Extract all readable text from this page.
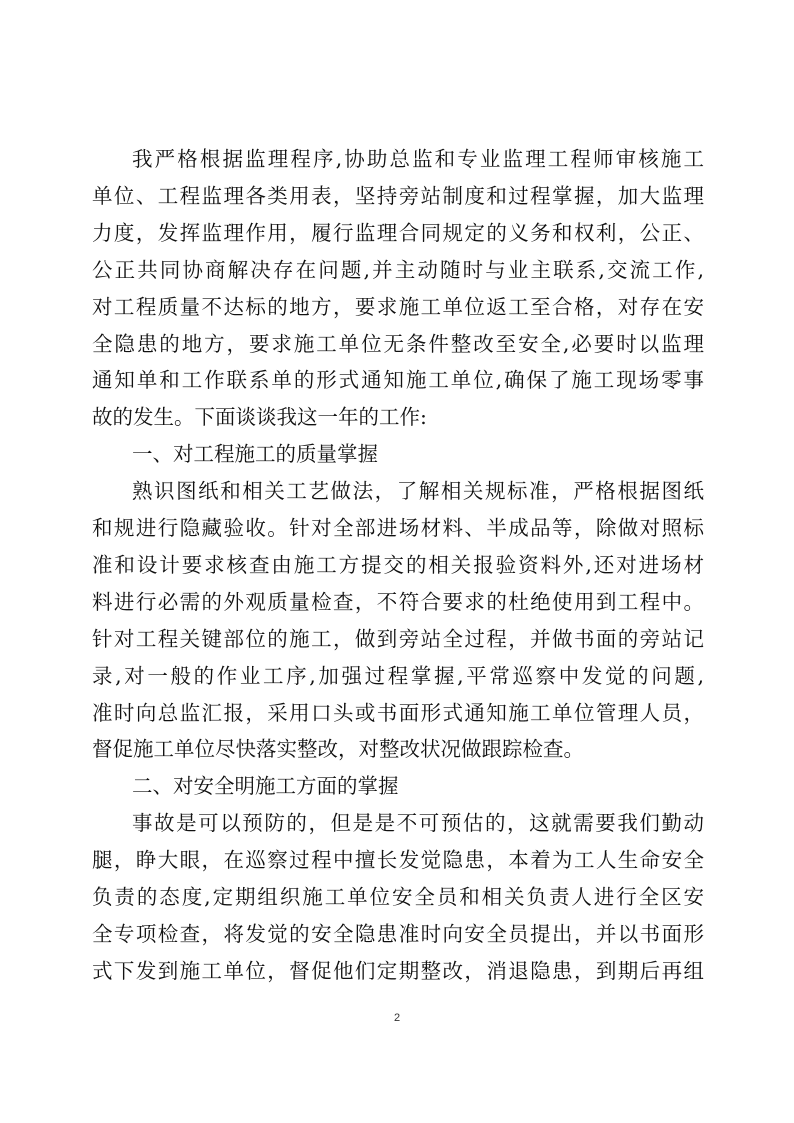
我严格根据监理程序,协助总监和专业监理工程师审核施工
单位、工程监理各类用表，坚持旁站制度和过程掌握，加大监理
力度，发挥监理作用，履行监理合同规定的义务和权利，公正、
公正共同协商解决存在问题,并主动随时与业主联系,交流工作,
对工程质量不达标的地方，要求施工单位返工至合格，对存在安
全隐患的地方，要求施工单位无条件整改至安全,必要时以监理
通知单和工作联系单的形式通知施工单位,确保了施工现场零事
故的发生。下面谈谈我这一年的工作:
一、对工程施工的质量掌握
熟识图纸和相关工艺做法，了解相关规标准，严格根据图纸
和规进行隐藏验收。针对全部进场材料、半成品等，除做对照标
准和设计要求核查由施工方提交的相关报验资料外,还对进场材
料进行必需的外观质量检查，不符合要求的杜绝使用到工程中。
针对工程关键部位的施工，做到旁站全过程，并做书面的旁站记
录,对一般的作业工序,加强过程掌握,平常巡察中发觉的问题,
准时向总监汇报，采用口头或书面形式通知施工单位管理人员，
督促施工单位尽快落实整改，对整改状况做跟踪检查。
二、对安全明施工方面的掌握
事故是可以预防的，但是是不可预估的，这就需要我们勤动
腿，睁大眼，在巡察过程中擅长发觉隐患，本着为工人生命安全
负责的态度,定期组织施工单位安全员和相关负责人进行全区安
全专项检查，将发觉的安全隐患准时向安全员提出，并以书面形
式下发到施工单位，督促他们定期整改，消退隐患，到期后再组
2
